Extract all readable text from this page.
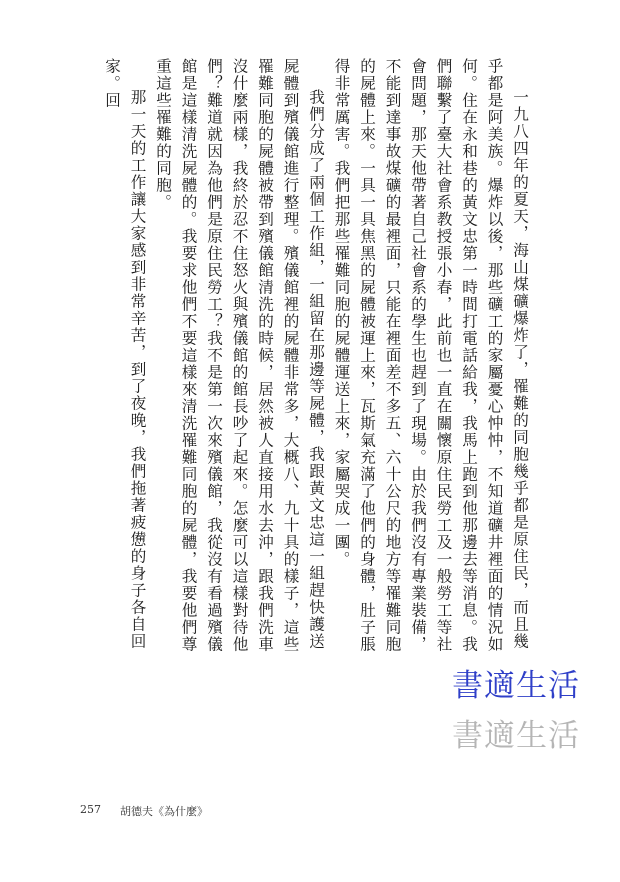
一九八四年的夏天，海山煤礦爆炸了，罹難的同胞幾乎都是原住民，而且幾乎都是阿美族。爆炸以後，那些礦工的家屬憂心忡忡，不知道礦井裡面的情況如何。住在永和巷的黃文忠第一時間打電話給我，我馬上跑到他那邊去等消息。我們聯繫了臺大社會系教授張小春，此前也一直在關懷原住民勞工及一般勞工等社會問題，那天他帶著自己社會系的學生也趕到了現場。由於我們沒有專業裝備，不能到達事故煤礦的最裡面，只能在裡面差不多五、六十公尺的地方等罹難同胞的屍體上來。一具一具焦黑的屍體被運上來，瓦斯氣充滿了他們的身體，肚子脹得非常厲害。我們把那些罹難同胞的屍體運送上來，家屬哭成一團。

我們分成了兩個工作組，一組留在那邊等屍體，我跟黃文忠這一組趕快護送屍體到殯儀館進行整理。殯儀館裡的屍體非常多，大概八、九十具的樣子，這些罹難同胞的屍體被帶到殯儀館清洗的時候，居然被人直接用水去沖，跟我們洗車沒什麼兩樣，我終於忍不住怒火與殯儀館的館長吵了起來。怎麼可以這樣對待他們？難道就因為他們是原住民勞工？我不是第一次來殯儀館，我從沒有看過殯儀館是這樣清洗屍體的。我要求他們不要這樣來清洗罹難同胞的屍體，我要他們尊重這些罹難的同胞。

那一天的工作讓大家感到非常辛苦，到了夜晚，我們拖著疲憊的身子各自回家。回

書適生活
書適生活
257 胡德夫《為什麼》
